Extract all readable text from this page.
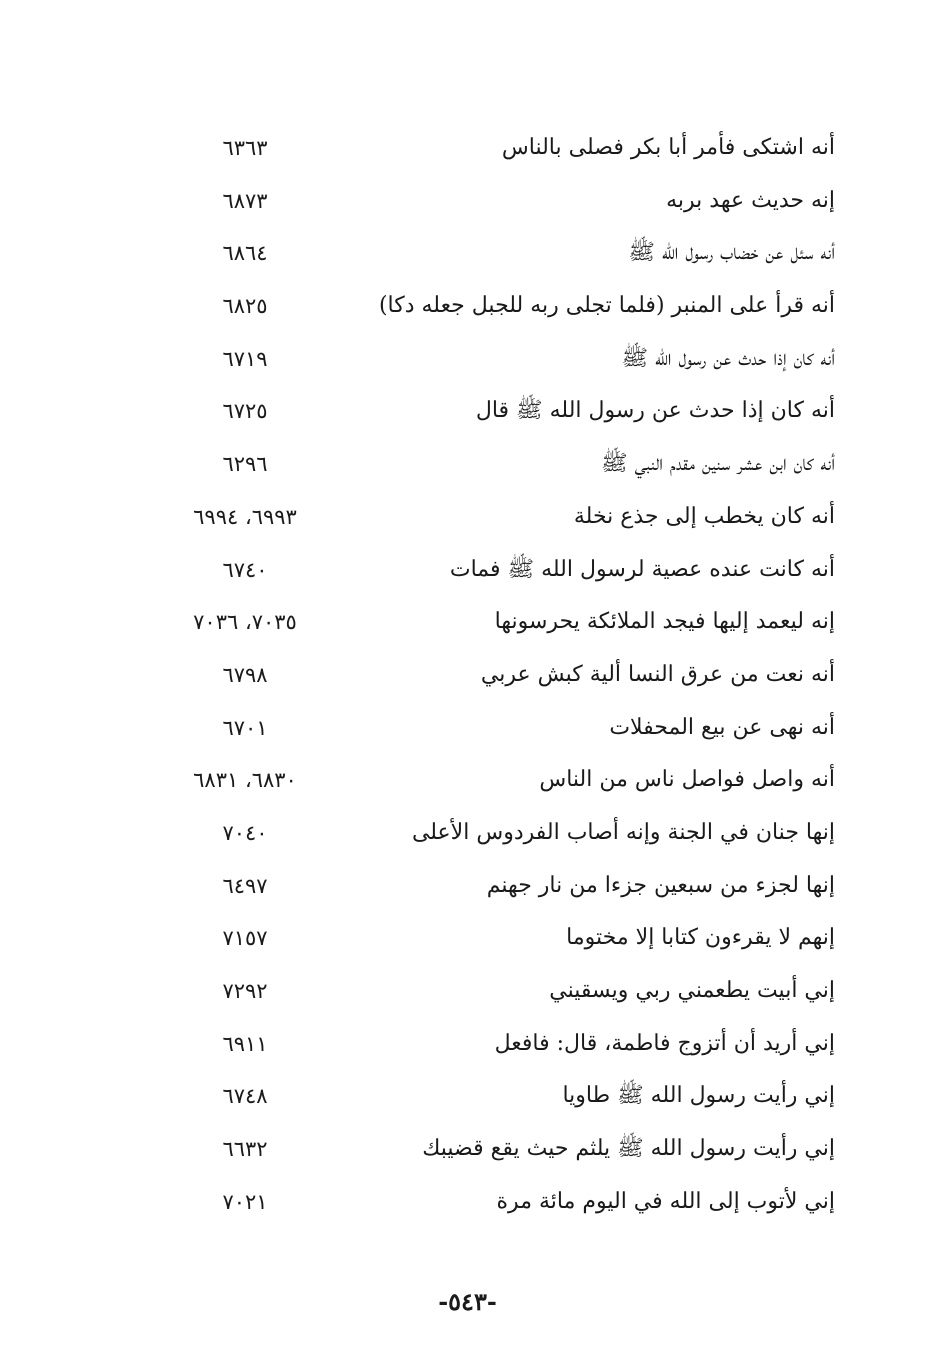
أنه اشتكى فأمر أبا بكر فصلى بالناس
٦٣٦٣
إنه حديث عهد بربه
٦٨٧٣
أنه سئل عن خضاب رسول الله ﷺ
٦٨٦٤
أنه قرأ على المنبر (فلما تجلى ربه للجبل جعله دكا)
٦٨٢٥
أنه كان إذا حدث عن رسول الله ﷺ
٦٧١٩
أنه كان إذا حدث عن رسول الله ﷺ قال
٦٧٢٥
أنه كان ابن عشر سنين مقدم النبي ﷺ
٦٢٩٦
أنه كان يخطب إلى جذع نخلة
٦٩٩٣، ٦٩٩٤
أنه كانت عنده عصية لرسول الله ﷺ فمات
٦٧٤٠
إنه ليعمد إليها فيجد الملائكة يحرسونها
٧٠٣٥، ٧٠٣٦
أنه نعت من عرق النسا ألية كبش عربي
٦٧٩٨
أنه نهى عن بيع المحفلات
٦٧٠١
أنه واصل فواصل ناس من الناس
٦٨٣٠، ٦٨٣١
إنها جنان في الجنة وإنه أصاب الفردوس الأعلى
٧٠٤٠
إنها لجزء من سبعين جزءا من نار جهنم
٦٤٩٧
إنهم لا يقرءون كتابا إلا مختوما
٧١٥٧
إني أبيت يطعمني ربي ويسقيني
٧٢٩٢
إني أريد أن أتزوج فاطمة، قال: فافعل
٦٩١١
إني رأيت رسول الله ﷺ طاويا
٦٧٤٨
إني رأيت رسول الله ﷺ يلثم حيث يقع قضيبك
٦٦٣٢
إني لأتوب إلى الله في اليوم مائة مرة
٧٠٢١
-٥٤٣-
